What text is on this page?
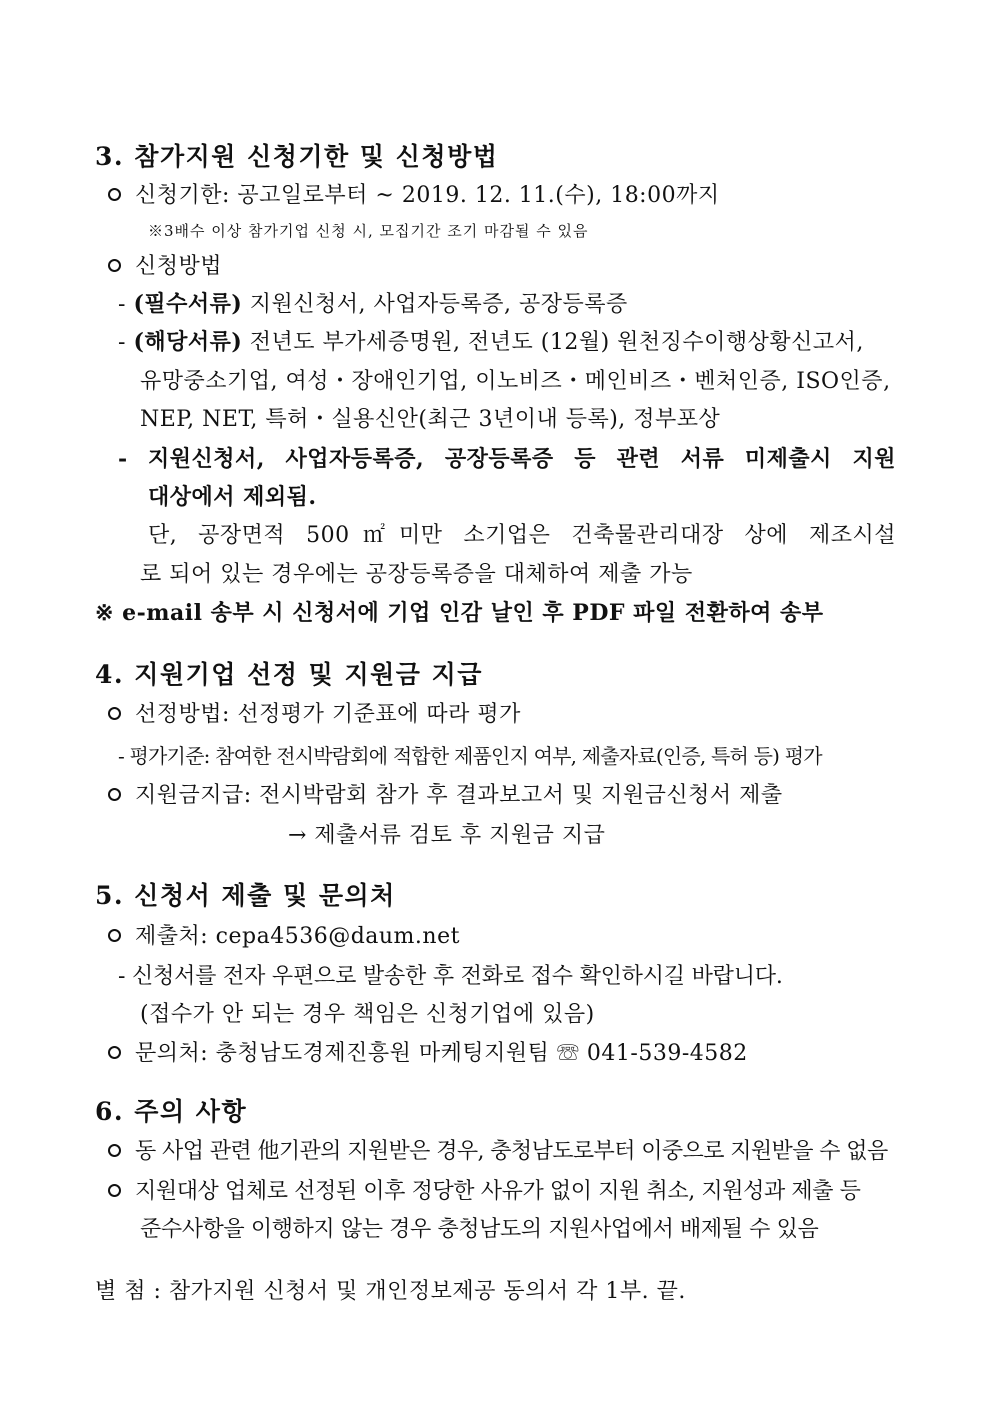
3. 참가지원 신청기한 및 신청방법
신청기한: 공고일로부터 ~ 2019. 12. 11.(수), 18:00까지
※3배수 이상 참가기업 신청 시, 모집기간 조기 마감될 수 있음
신청방법
- (필수서류) 지원신청서, 사업자등록증, 공장등록증
- (해당서류) 전년도 부가세증명원, 전년도 (12월) 원천징수이행상황신고서,
유망중소기업, 여성・장애인기업, 이노비즈・메인비즈・벤처인증, ISO인증,
NEP, NET, 특허・실용신안(최근 3년이내 등록), 정부포상
- 지원신청서, 사업자등록증, 공장등록증 등 관련 서류 미제출시 지원
대상에서 제외됨.
단, 공장면적 500㎡미만 소기업은 건축물관리대장 상에 제조시설
로 되어 있는 경우에는 공장등록증을 대체하여 제출 가능
※ e-mail 송부 시 신청서에 기업 인감 날인 후 PDF 파일 전환하여 송부
4. 지원기업 선정 및 지원금 지급
선정방법: 선정평가 기준표에 따라 평가
- 평가기준: 참여한 전시박람회에 적합한 제품인지 여부, 제출자료(인증, 특허 등) 평가
지원금지급: 전시박람회 참가 후 결과보고서 및 지원금신청서 제출
→ 제출서류 검토 후 지원금 지급
5. 신청서 제출 및 문의처
제출처: cepa4536@daum.net
- 신청서를 전자 우편으로 발송한 후 전화로 접수 확인하시길 바랍니다.
(접수가 안 되는 경우 책임은 신청기업에 있음)
문의처: 충청남도경제진흥원 마케팅지원팀 ☏ 041-539-4582
6. 주의 사항
동 사업 관련 他기관의 지원받은 경우, 충청남도로부터 이중으로 지원받을 수 없음
지원대상 업체로 선정된 이후 정당한 사유가 없이 지원 취소, 지원성과 제출 등
준수사항을 이행하지 않는 경우 충청남도의 지원사업에서 배제될 수 있음
별 첨 : 참가지원 신청서 및 개인정보제공 동의서 각 1부. 끝.
